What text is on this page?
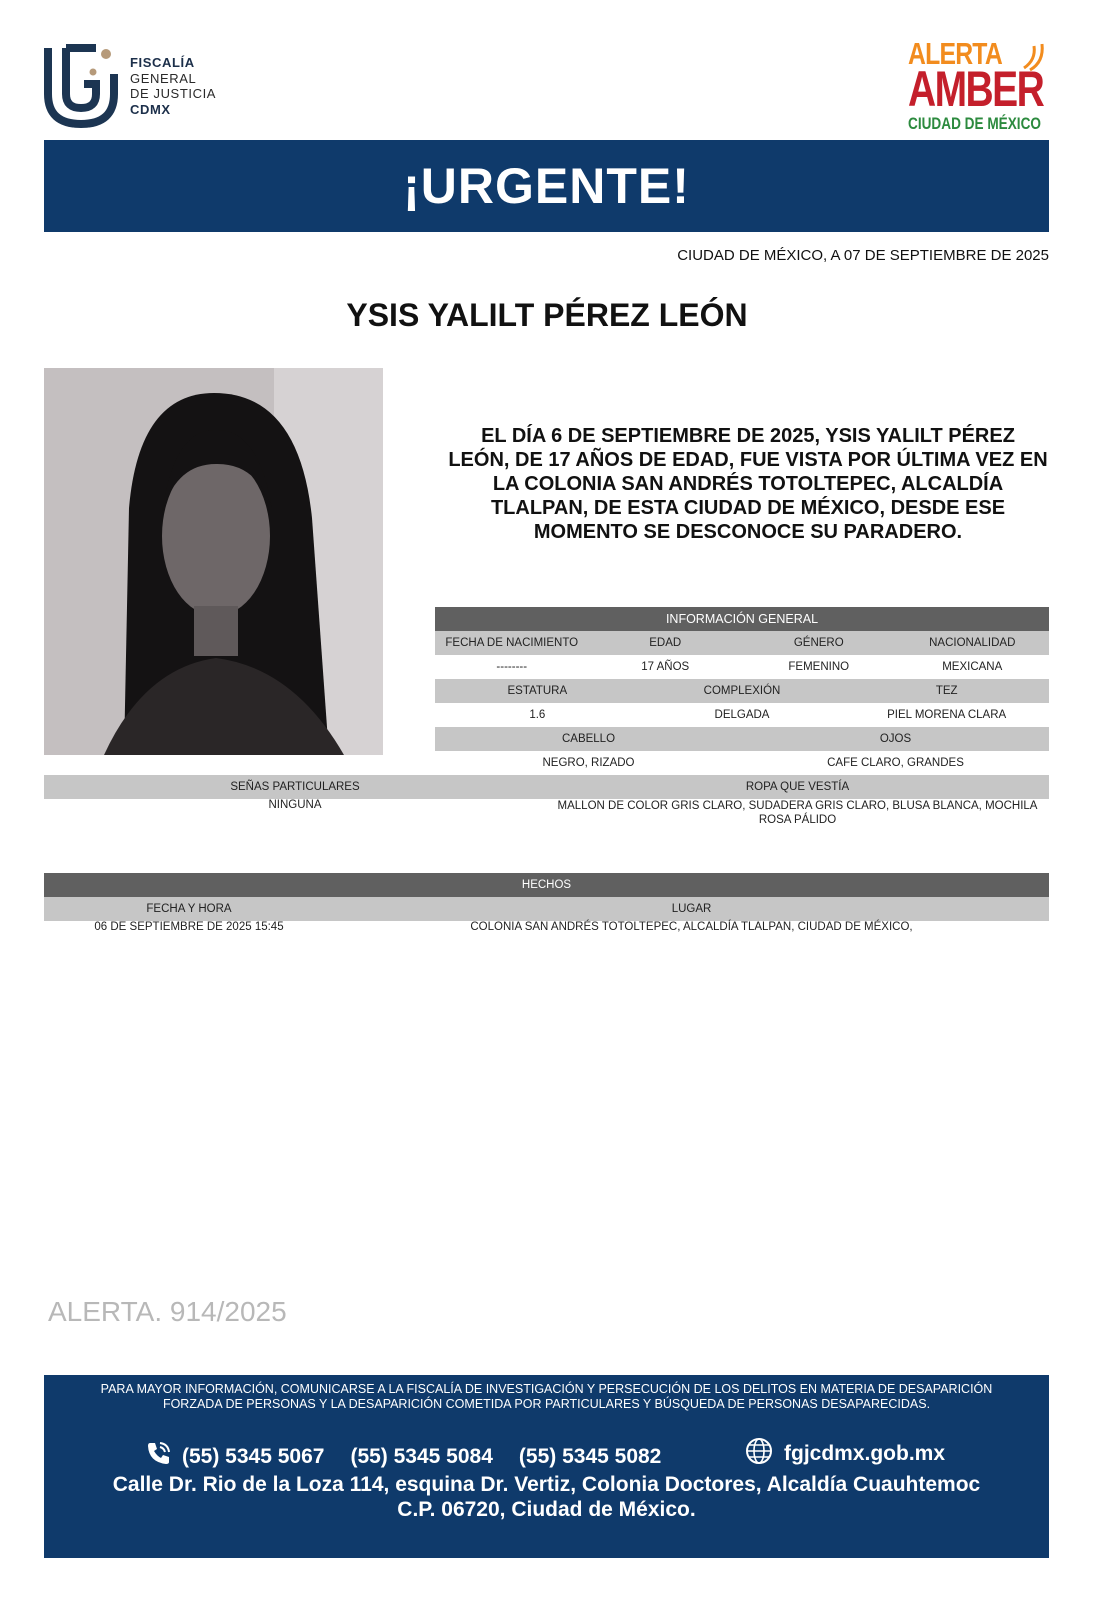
FISCALÍA
GENERAL
DE JUSTICIA
CDMX
ALERTA
AMBER
CIUDAD DE MÉXICO
¡URGENTE!
CIUDAD DE MÉXICO, A 07 DE SEPTIEMBRE DE 2025
YSIS YALILT PÉREZ LEÓN
EL DÍA 6 DE SEPTIEMBRE DE 2025, YSIS YALILT PÉREZ LEÓN, DE 17 AÑOS DE EDAD, FUE VISTA POR ÚLTIMA VEZ EN LA COLONIA SAN ANDRÉS TOTOLTEPEC, ALCALDÍA TLALPAN, DE ESTA CIUDAD DE MÉXICO, DESDE ESE MOMENTO SE DESCONOCE SU PARADERO.
INFORMACIÓN GENERAL
FECHA DE NACIMIENTO	EDAD	GÉNERO	NACIONALIDAD
--------	17 AÑOS	FEMENINO	MEXICANA
ESTATURA	COMPLEXIÓN	TEZ
1.6	DELGADA	PIEL MORENA CLARA
CABELLO	OJOS
NEGRO, RIZADO	CAFE CLARO, GRANDES
SEÑAS PARTICULARES	ROPA QUE VESTÍA
NINGUNA	MALLON DE COLOR GRIS CLARO, SUDADERA GRIS CLARO, BLUSA BLANCA, MOCHILA ROSA PÁLIDO
HECHOS
FECHA Y HORA	LUGAR
06 DE SEPTIEMBRE DE 2025 15:45	COLONIA SAN ANDRÉS TOTOLTEPEC, ALCALDÍA TLALPAN, CIUDAD DE MÉXICO,
ALERTA. 914/2025
PARA MAYOR INFORMACIÓN, COMUNICARSE A LA FISCALÍA DE INVESTIGACIÓN Y PERSECUCIÓN DE LOS DELITOS EN MATERIA DE DESAPARICIÓN
FORZADA DE PERSONAS Y LA DESAPARICIÓN COMETIDA POR PARTICULARES Y BÚSQUEDA DE PERSONAS DESAPARECIDAS.
(55) 5345 5067 (55) 5345 5084 (55) 5345 5082	fgjcdmx.gob.mx
Calle Dr. Rio de la Loza 114, esquina Dr. Vertiz, Colonia Doctores, Alcaldía Cuauhtemoc
C.P. 06720, Ciudad de México.
